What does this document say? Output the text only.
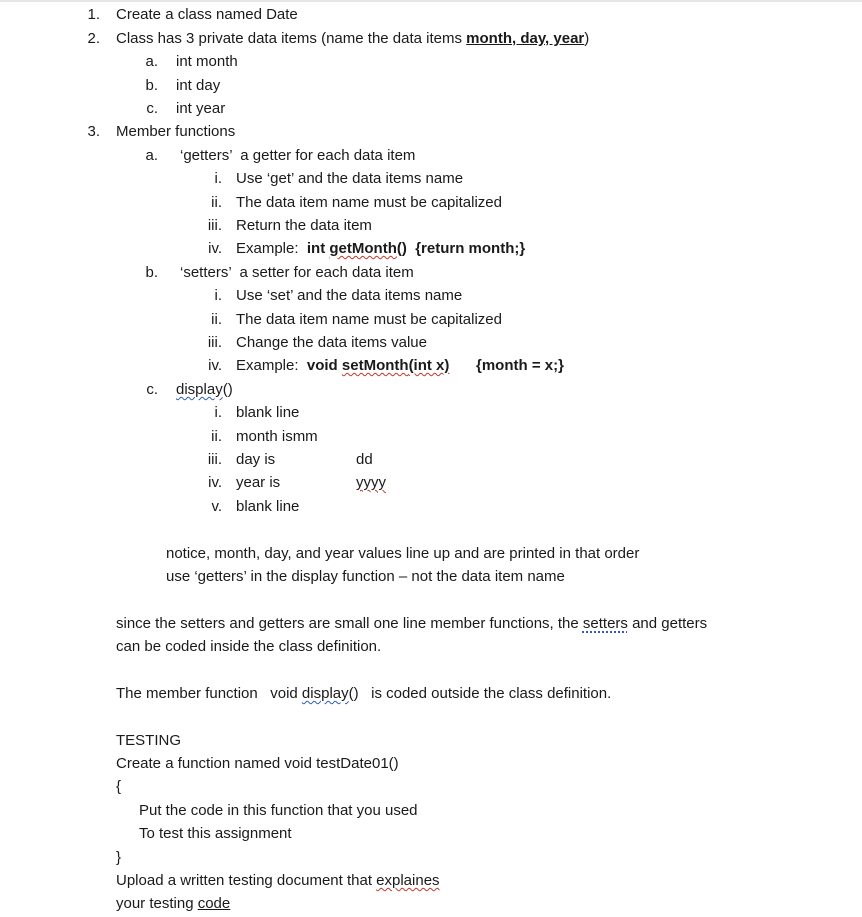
1. Create a class named Date
2. Class has 3 private data items (name the data items month, day, year)
a. int month
b. int day
c. int year
3. Member functions
a. ‘getters’  a getter for each data item
i. Use ‘get’ and the data items name
ii. The data item name must be capitalized
iii. Return the data item
iv. Example:  int getMonth()  {return month;}
b. ‘setters’  a setter for each data item
i. Use ‘set’ and the data items name
ii. The data item name must be capitalized
iii. Change the data items value
iv. Example:  void setMonth(int x) {month = x;}
c. display()
i. blank line
ii. month ismm
iii. day is	dd
iv. year is	yyyy
v. blank line
notice, month, day, and year values line up and are printed in that order
use ‘getters’ in the display function – not the data item name
since the setters and getters are small one line member functions, the setters and getters
can be coded inside the class definition.
The member function   void display()   is coded outside the class definition.
TESTING
Create a function named void testDate01()
{
Put the code in this function that you used
To test this assignment
}
Upload a written testing document that explaines
your testing code
